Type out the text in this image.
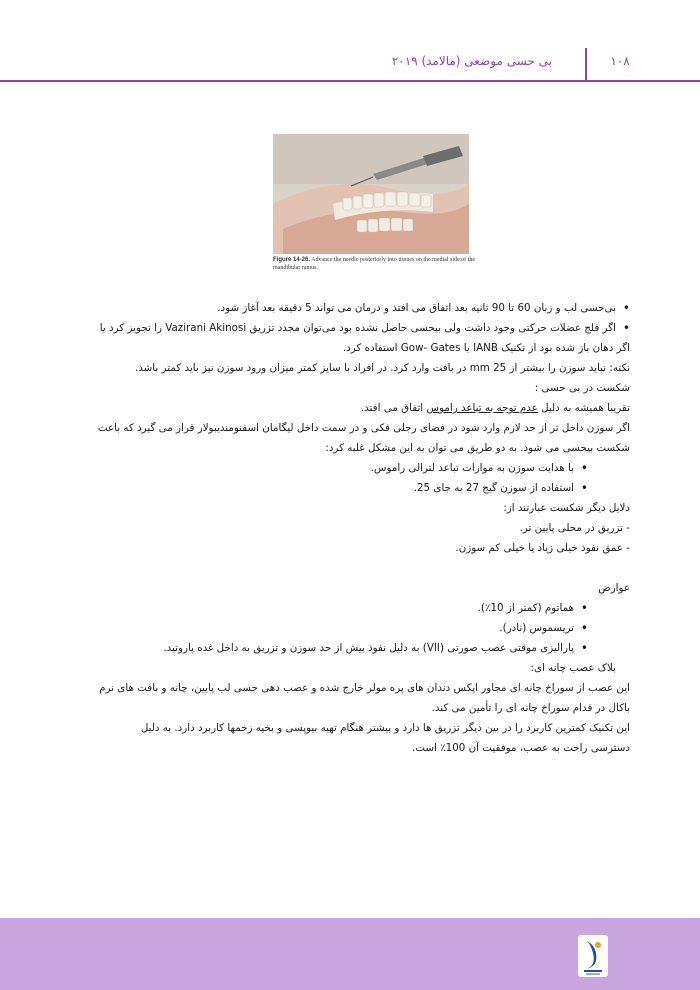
بی حسی موضعی (مالامد) ۲۰۱۹	۱۰۸
Figure 14-26. Advance the needle posteriorly into tissues on the medial side of the mandibular ramus.

• بی‌حسی لب و زبان 60 تا 90 ثانیه بعد اتفاق می افتد و درمان می تواند 5 دقیقه بعد آغاز شود.

• اگر فلج عضلات حرکتی وجود داشت ولی بیحسی حاصل نشده بود می‌توان مجدد تزریق Vazirani Akinosi را تجویز کرد یا

اگر دهان باز شده بود از تکنیک IANB یا Gow- Gates استفاده کرد.

نکته: نباید سوزن را بیشتر از 25 mm در بافت وارد کرد. در افراد با سایز کمتر میزان ورود سوزن نیز باید کمتر باشد.

شکست در بی حسی :

تقریبا همیشه به دلیل عدم توجه به تباعد راموس اتفاق می افتد.

اگر سوزن داخل تر از حد لازم وارد شود در فضای رجلی فکی و در سمت داخل لیگامان اسفنومندیبولار قرار می گیرد که باعث

شکست بیحسی می شود. به دو طریق می توان به این مشکل غلبه کرد:

• با هدایت سوزن به موازات تباعد لترالی راموس.

• استفاده از سوزن گیج 27 به جای 25.

دلایل دیگر شکست عبارتند از:

- تزریق در محلی پایین تر.

- عمق نفوذ خیلی زیاد یا خیلی کم سوزن.

عوارض

• هماتوم (کمتر از 10٪).

• تریسموس (نادر).

• پارالیزی موقتی عصب صورتی (VII) به دلیل نفوذ بیش از حد سوزن و تزریق به داخل غده پاروتید.

بلاک عصب چانه ای:

این عصب از سوراخ چانه ای مجاور اپکس دندان های پره مولر خارج شده و عصب دهی حسی لب پایین، چانه و بافت های نرم

باکال در قدام سوراخ چانه ای را تأمین می کند.

این تکنیک کمترین کاربرد را در بین دیگر تزریق ها دارد و بیشتر هنگام تهیه بیوپسی و بخیه زخمها کاربرد دارد. به دلیل

دسترسی راحت به عصب، موفقیت آن 100٪ است.
